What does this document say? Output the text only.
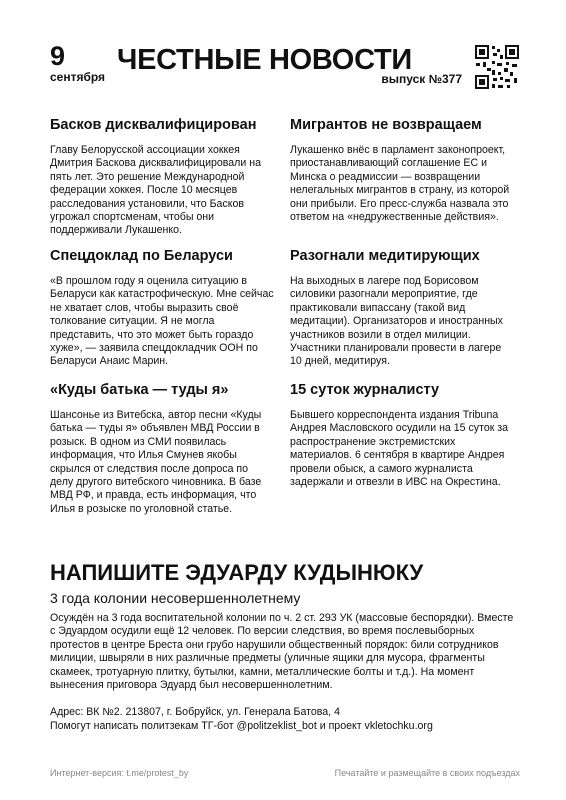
9
сентября
ЧЕСТНЫЕ НОВОСТИ
выпуск №377
Басков дисквалифицирован

Главу Белорусской ассоциации хоккея Дмитрия Баскова дисквалифицировали на пять лет. Это решение Международной федерации хоккея. После 10 месяцев расследования установили, что Басков угрожал спортсменам, чтобы они поддерживали Лукашенко.

Спецдоклад по Беларуси

«В прошлом году я оценила ситуацию в Беларуси как катастрофическую. Мне сейчас не хватает слов, чтобы выразить своё толкование ситуации. Я не могла представить, что это может быть гораздо хуже», — заявила спецдокладчик ООН по Беларуси Анаис Марин.

«Куды батька — туды я»

Шансонье из Витебска, автор песни «Куды батька — туды я» объявлен МВД России в розыск. В одном из СМИ появилась информация, что Илья Смунев якобы скрылся от следствия после допроса по делу другого витебского чиновника. В базе МВД РФ, и правда, есть информация, что Илья в розыске по уголовной статье.

Мигрантов не возвращаем

Лукашенко внёс в парламент законопроект, приостанавливающий соглашение ЕС и Минска о реадмиссии — возвращении нелегальных мигрантов в страну, из которой они прибыли. Его пресс-служба назвала это ответом на «недружественные действия».

Разогнали медитирующих

На выходных в лагере под Борисовом силовики разогнали мероприятие, где практиковали випассану (такой вид медитации). Организаторов и иностранных участников возили в отдел милиции. Участники планировали провести в лагере 10 дней, медитируя.

15 суток журналисту

Бывшего корреспондента издания Tribuna Андрея Масловского осудили на 15 суток за распространение экстремистских материалов. 6 сентября в квартире Андрея провели обыск, а самого журналиста задержали и отвезли в ИВС на Окрестина.

НАПИШИТЕ ЭДУАРДУ КУДЫНЮКУ
3 года колонии несовершеннолетнему

Осуждён на 3 года воспитательной колонии по ч. 2 ст. 293 УК (массовые беспорядки). Вместе с Эдуардом осудили ещё 12 человек. По версии следствия, во время послевыборных протестов в центре Бреста они грубо нарушили общественный порядок: били сотрудников милиции, швыряли в них различные предметы (уличные ящики для мусора, фрагменты скамеек, тротуарную плитку, бутылки, камни, металлические болты и т.д.). На момент вынесения приговора Эдуард был несовершеннолетним.

Адрес: ВК №2. 213807, г. Бобруйск, ул. Генерала Батова, 4
Помогут написать политзекам ТГ-бот @politzeklist_bot и проект vkletochku.org

Интернет-версия: t.me/protest_by	Печатайте и размещайте в своих подъездах
